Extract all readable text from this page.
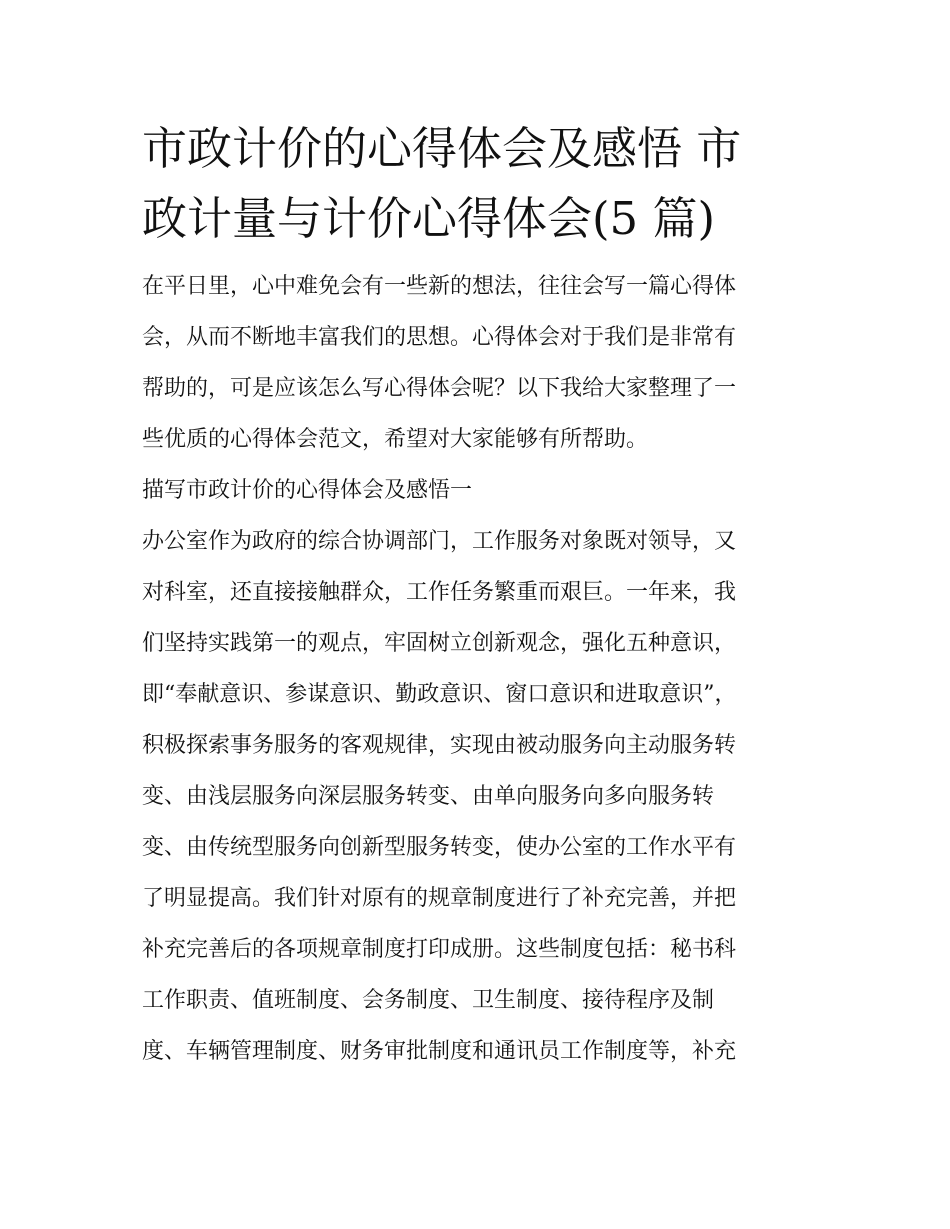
市政计价的心得体会及感悟 市
政计量与计价心得体会(5 篇)

在平日里，心中难免会有一些新的想法，往往会写一篇心得体
会，从而不断地丰富我们的思想。心得体会对于我们是非常有
帮助的，可是应该怎么写心得体会呢？以下我给大家整理了一
些优质的心得体会范文，希望对大家能够有所帮助。

描写市政计价的心得体会及感悟一

办公室作为政府的综合协调部门，工作服务对象既对领导，又
对科室，还直接接触群众，工作任务繁重而艰巨。一年来，我
们坚持实践第一的观点，牢固树立创新观念，强化五种意识，
即“奉献意识、参谋意识、勤政意识、窗口意识和进取意识”，
积极探索事务服务的客观规律，实现由被动服务向主动服务转
变、由浅层服务向深层服务转变、由单向服务向多向服务转
变、由传统型服务向创新型服务转变，使办公室的工作水平有
了明显提高。我们针对原有的规章制度进行了补充完善，并把
补充完善后的各项规章制度打印成册。这些制度包括：秘书科
工作职责、值班制度、会务制度、卫生制度、接待程序及制
度、车辆管理制度、财务审批制度和通讯员工作制度等，补充
